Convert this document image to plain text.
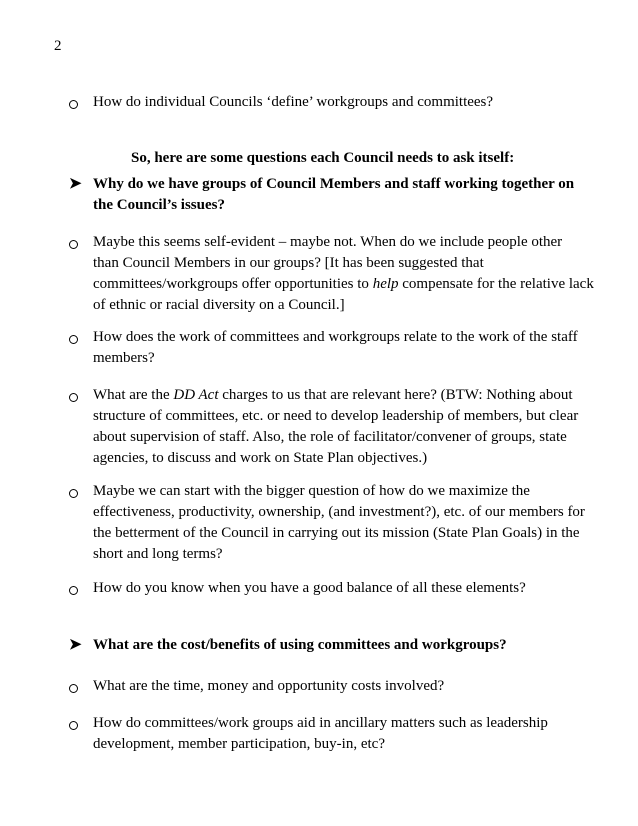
2
How do individual Councils ‘define’ workgroups and committees?
So, here are some questions each Council needs to ask itself:
➤ Why do we have groups of Council Members and staff working together on
the Council’s issues?
Maybe this seems self-evident – maybe not. When do we include people other
than Council Members in our groups? [It has been suggested that
committees/workgroups offer opportunities to help compensate for the relative lack
of ethnic or racial diversity on a Council.]
How does the work of committees and workgroups relate to the work of the staff
members?
What are the DD Act charges to us that are relevant here? (BTW: Nothing about
structure of committees, etc. or need to develop leadership of members, but clear
about supervision of staff. Also, the role of facilitator/convener of groups, state
agencies, to discuss and work on State Plan objectives.)
Maybe we can start with the bigger question of how do we maximize the
effectiveness, productivity, ownership, (and investment?), etc. of our members for
the betterment of the Council in carrying out its mission (State Plan Goals) in the
short and long terms?
How do you know when you have a good balance of all these elements?
➤ What are the cost/benefits of using committees and workgroups?
What are the time, money and opportunity costs involved?
How do committees/work groups aid in ancillary matters such as leadership
development, member participation, buy-in, etc?
